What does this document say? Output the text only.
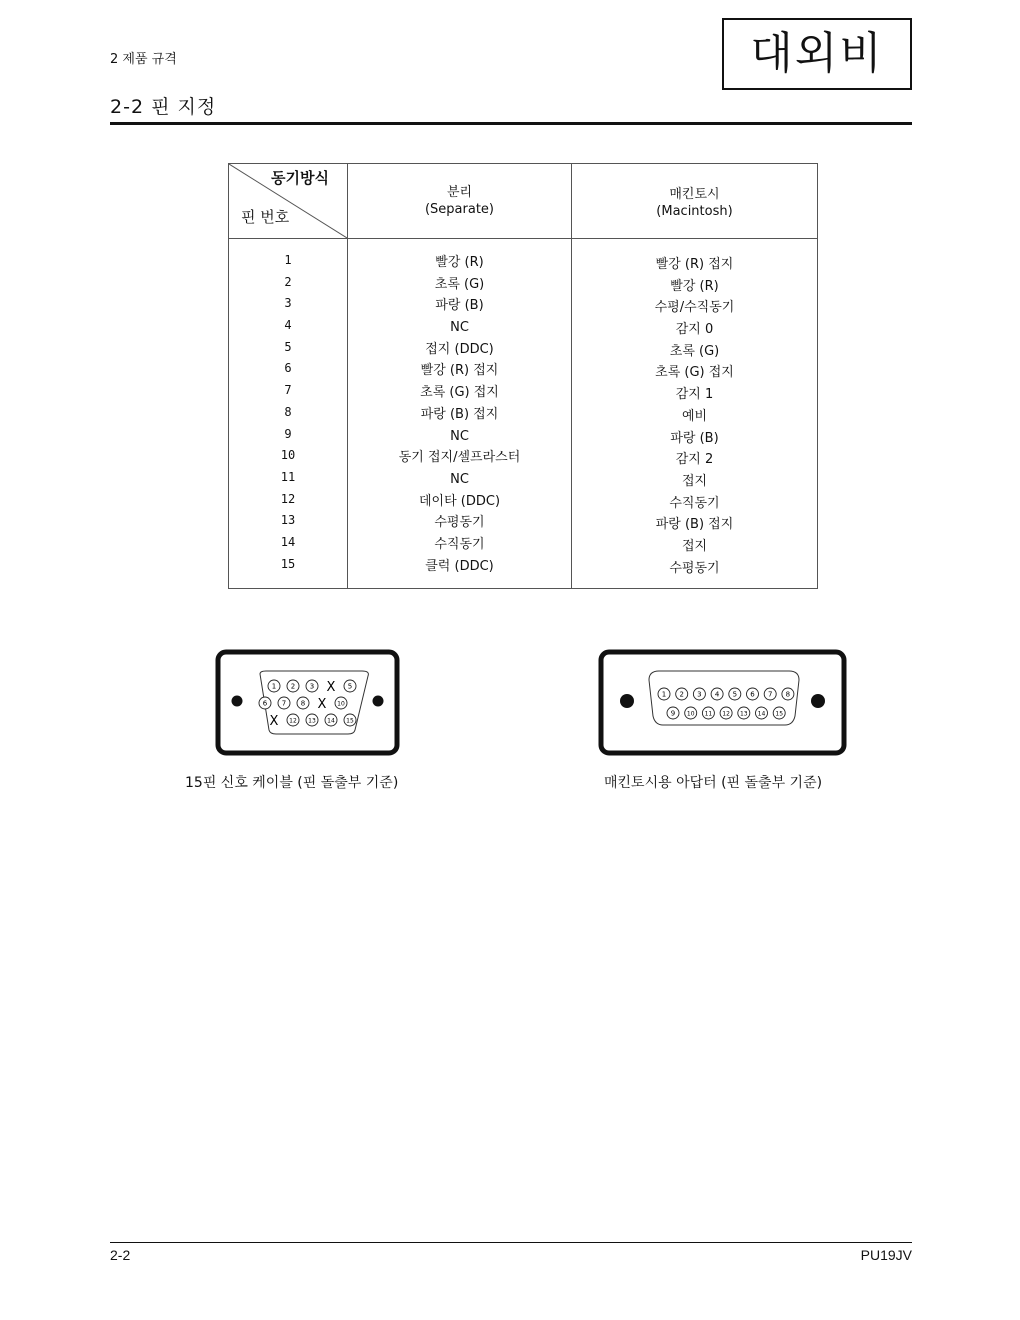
2 제품 규격	대외비
2-2 핀 지정
동기방식
핀 번호
분리
(Separate)
매킨토시
(Macintosh)
1
2
3
4
5
6
7
8
9
10
11
12
13
14
15
빨강 (R)
초록 (G)
파랑 (B)
NC
접지 (DDC)
빨강 (R) 접지
초록 (G) 접지
파랑 (B) 접지
NC
동기 접지/셀프라스터
NC
데이타 (DDC)
수평동기
수직동기
클럭 (DDC)
빨강 (R) 접지
빨강 (R)
수평/수직동기
감지 0
초록 (G)
초록 (G) 접지
감지 1
예비
파랑 (B)
감지 2
접지
수직동기
파랑 (B) 접지
접지
수평동기
1 2 3 X 5
6 7 8 X 10
X 12 13 14 15
15핀 신호 케이블 (핀 돌출부 기준)
1 2 3 4 5 6 7 8
9 10 11 12 13 14 15
매킨토시용 아답터 (핀 돌출부 기준)
2-2	PU19JV
